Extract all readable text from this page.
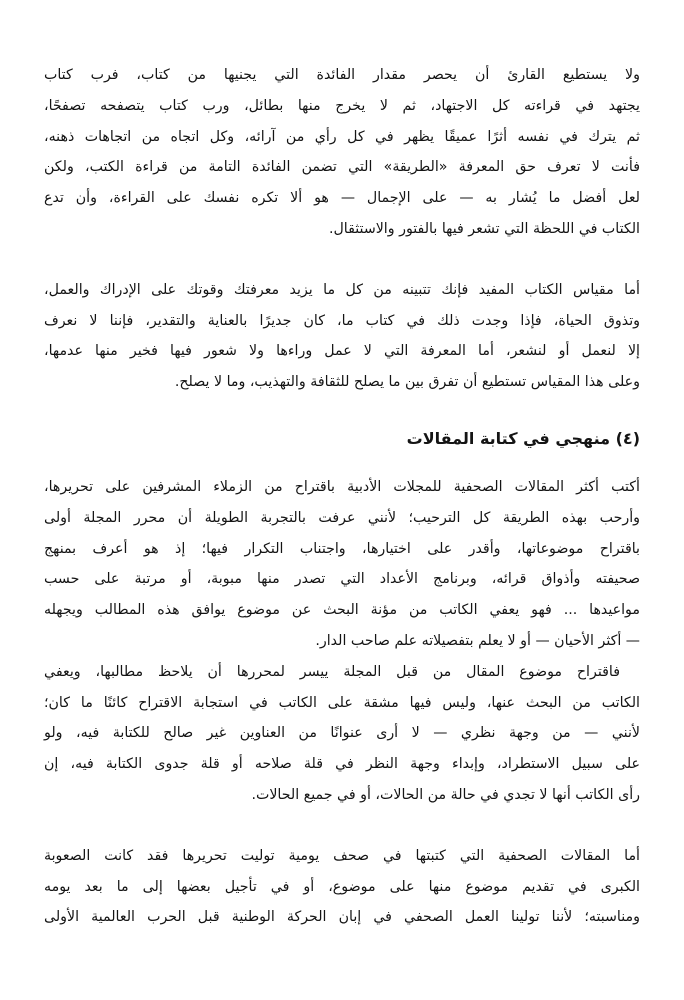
ولا يستطيع القارئ أن يحصر مقدار الفائدة التي يجنيها من كتاب، فرب كتاب
يجتهد في قراءته كل الاجتهاد، ثم لا يخرج منها بطائل، ورب كتاب يتصفحه تصفحًا،
ثم يترك في نفسه أثرًا عميقًا يظهر في كل رأي من آرائه، وكل اتجاه من اتجاهات ذهنه،
فأنت لا تعرف حق المعرفة «الطريقة» التي تضمن الفائدة التامة من قراءة الكتب، ولكن
لعل أفضل ما يُشار به — على الإجمال — هو ألا تكره نفسك على القراءة، وأن تدع
الكتاب في اللحظة التي تشعر فيها بالفتور والاستثقال.

أما مقياس الكتاب المفيد فإنك تتبينه من كل ما يزيد معرفتك وقوتك على الإدراك والعمل،
وتذوق الحياة، فإذا وجدت ذلك في كتاب ما، كان جديرًا بالعناية والتقدير، فإننا لا نعرف
إلا لنعمل أو لنشعر، أما المعرفة التي لا عمل وراءها ولا شعور فيها فخير منها عدمها،
وعلى هذا المقياس تستطيع أن تفرق بين ما يصلح للثقافة والتهذيب، وما لا يصلح.

(٤) منهجي في كتابة المقالات

أكتب أكثر المقالات الصحفية للمجلات الأدبية باقتراح من الزملاء المشرفين على تحريرها،
وأرحب بهذه الطريقة كل الترحيب؛ لأنني عرفت بالتجربة الطويلة أن محرر المجلة أولى
باقتراح موضوعاتها، وأقدر على اختيارها، واجتناب التكرار فيها؛ إذ هو أعرف بمنهج
صحيفته وأذواق قرائه، وبرنامج الأعداد التي تصدر منها مبوبة، أو مرتبة على حسب
مواعيدها ... فهو يعفي الكاتب من مؤنة البحث عن موضوع يوافق هذه المطالب ويجهله
— أكثر الأحيان — أو لا يعلم بتفصيلاته علم صاحب الدار.

فاقتراح موضوع المقال من قبل المجلة ييسر لمحررها أن يلاحظ مطالبها، ويعفي
الكاتب من البحث عنها، وليس فيها مشقة على الكاتب في استجابة الاقتراح كائنًا ما كان؛
لأنني — من وجهة نظري — لا أرى عنوانًا من العناوين غير صالح للكتابة فيه، ولو
على سبيل الاستطراد، وإبداء وجهة النظر في قلة صلاحه أو قلة جدوى الكتابة فيه، إن
رأى الكاتب أنها لا تجدي في حالة من الحالات، أو في جميع الحالات.

أما المقالات الصحفية التي كتبتها في صحف يومية توليت تحريرها فقد كانت الصعوبة
الكبرى في تقديم موضوع منها على موضوع، أو في تأجيل بعضها إلى ما بعد يومه
ومناسبته؛ لأننا تولينا العمل الصحفي في إبان الحركة الوطنية قبل الحرب العالمية الأولى
